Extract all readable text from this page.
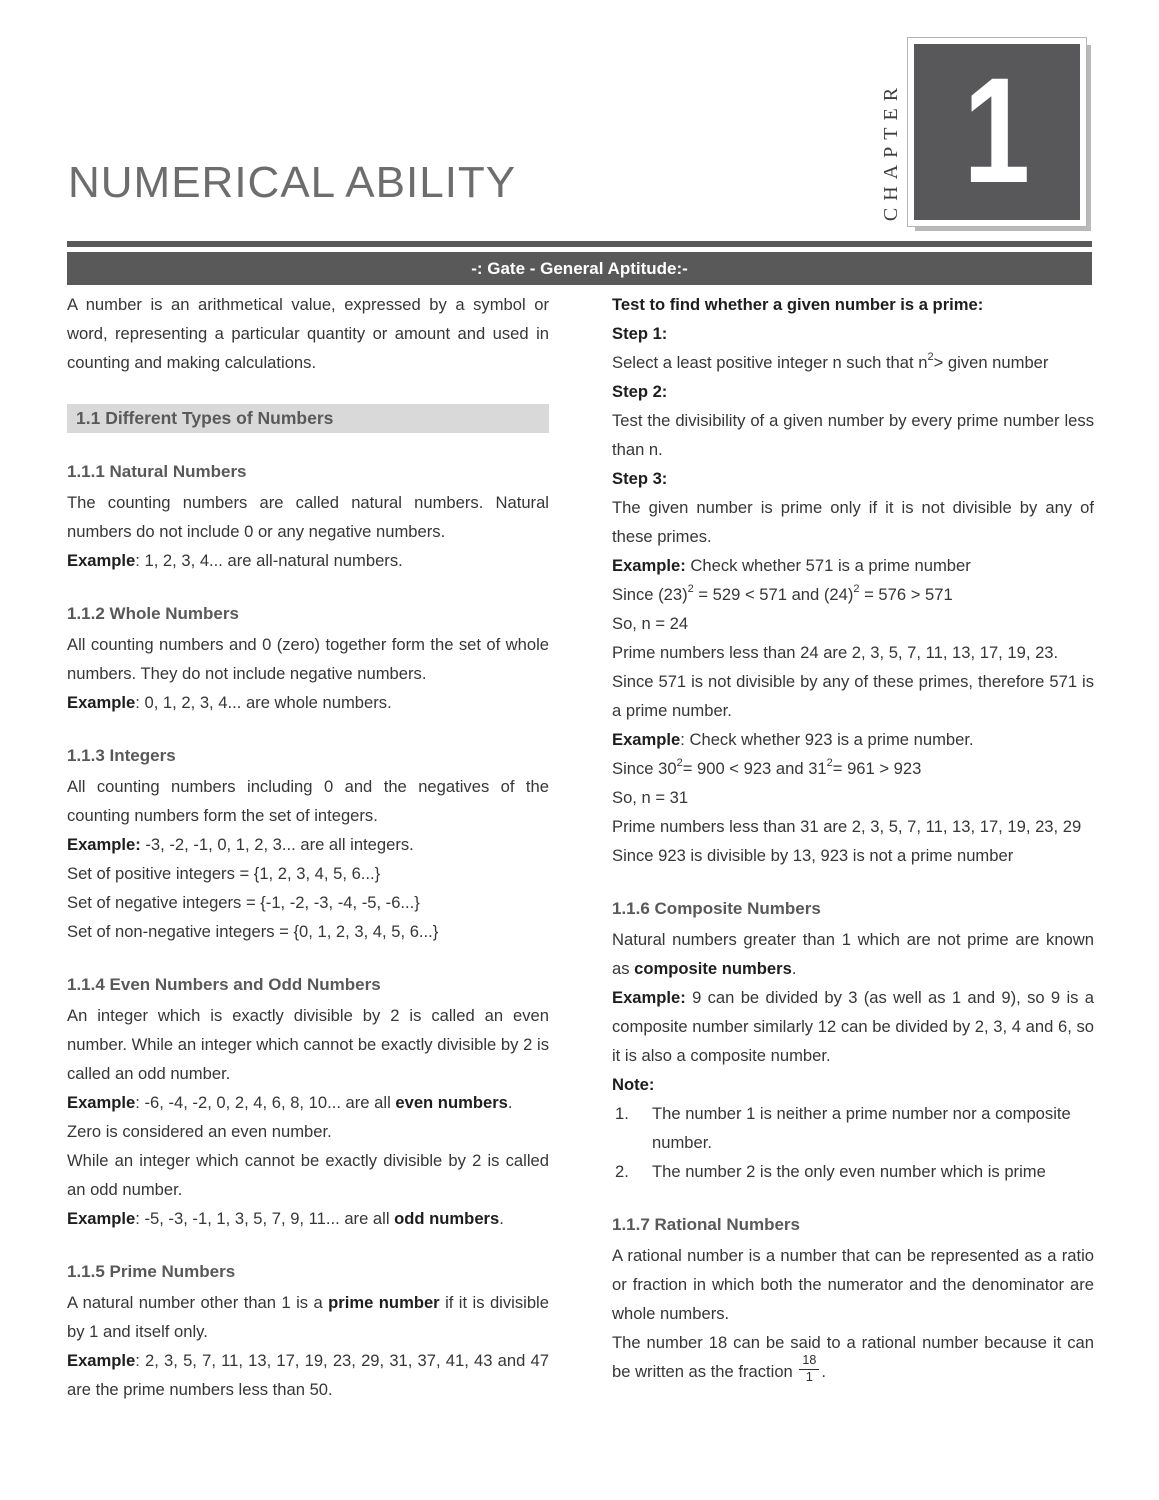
NUMERICAL ABILITY	CHAPTER 1
-: Gate - General Aptitude:-
A number is an arithmetical value, expressed by a symbol or word, representing a particular quantity or amount and used in counting and making calculations.
1.1 Different Types of Numbers
1.1.1 Natural Numbers
The counting numbers are called natural numbers. Natural numbers do not include 0 or any negative numbers.
Example: 1, 2, 3, 4... are all-natural numbers.
1.1.2 Whole Numbers
All counting numbers and 0 (zero) together form the set of whole numbers. They do not include negative numbers.
Example: 0, 1, 2, 3, 4... are whole numbers.
1.1.3 Integers
All counting numbers including 0 and the negatives of the counting numbers form the set of integers.
Example: -3, -2, -1, 0, 1, 2, 3... are all integers.
Set of positive integers = {1, 2, 3, 4, 5, 6...}
Set of negative integers = {-1, -2, -3, -4, -5, -6...}
Set of non-negative integers = {0, 1, 2, 3, 4, 5, 6...}
1.1.4 Even Numbers and Odd Numbers
An integer which is exactly divisible by 2 is called an even number. While an integer which cannot be exactly divisible by 2 is called an odd number.
Example: -6, -4, -2, 0, 2, 4, 6, 8, 10... are all even numbers.
Zero is considered an even number.
While an integer which cannot be exactly divisible by 2 is called an odd number.
Example: -5, -3, -1, 1, 3, 5, 7, 9, 11... are all odd numbers.
1.1.5 Prime Numbers
A natural number other than 1 is a prime number if it is divisible by 1 and itself only.
Example: 2, 3, 5, 7, 11, 13, 17, 19, 23, 29, 31, 37, 41, 43 and 47 are the prime numbers less than 50.
Test to find whether a given number is a prime:
Step 1:
Select a least positive integer n such that $n^2>$ given number
Step 2:
Test the divisibility of a given number by every prime number less than n.
Step 3:
The given number is prime only if it is not divisible by any of these primes.
Example: Check whether 571 is a prime number
Since $(23)^2 = 529 < 571$ and $(24)^2 = 576 > 571$
So, n = 24
Prime numbers less than 24 are 2, 3, 5, 7, 11, 13, 17, 19, 23.
Since 571 is not divisible by any of these primes, therefore 571 is a prime number.
Example: Check whether 923 is a prime number.
Since $30^2= 900 < 923$ and $31^2= 961 > 923$
So, n = 31
Prime numbers less than 31 are 2, 3, 5, 7, 11, 13, 17, 19, 23, 29
Since 923 is divisible by 13, 923 is not a prime number
1.1.6 Composite Numbers
Natural numbers greater than 1 which are not prime are known as composite numbers.
Example: 9 can be divided by 3 (as well as 1 and 9), so 9 is a composite number similarly 12 can be divided by 2, 3, 4 and 6, so it is also a composite number.
Note:
1.	The number 1 is neither a prime number nor a composite number.
2.	The number 2 is the only even number which is prime
1.1.7 Rational Numbers
A rational number is a number that can be represented as a ratio or fraction in which both the numerator and the denominator are whole numbers.
The number 18 can be said to a rational number because it can be written as the fraction $\frac{18}{1}$ .
